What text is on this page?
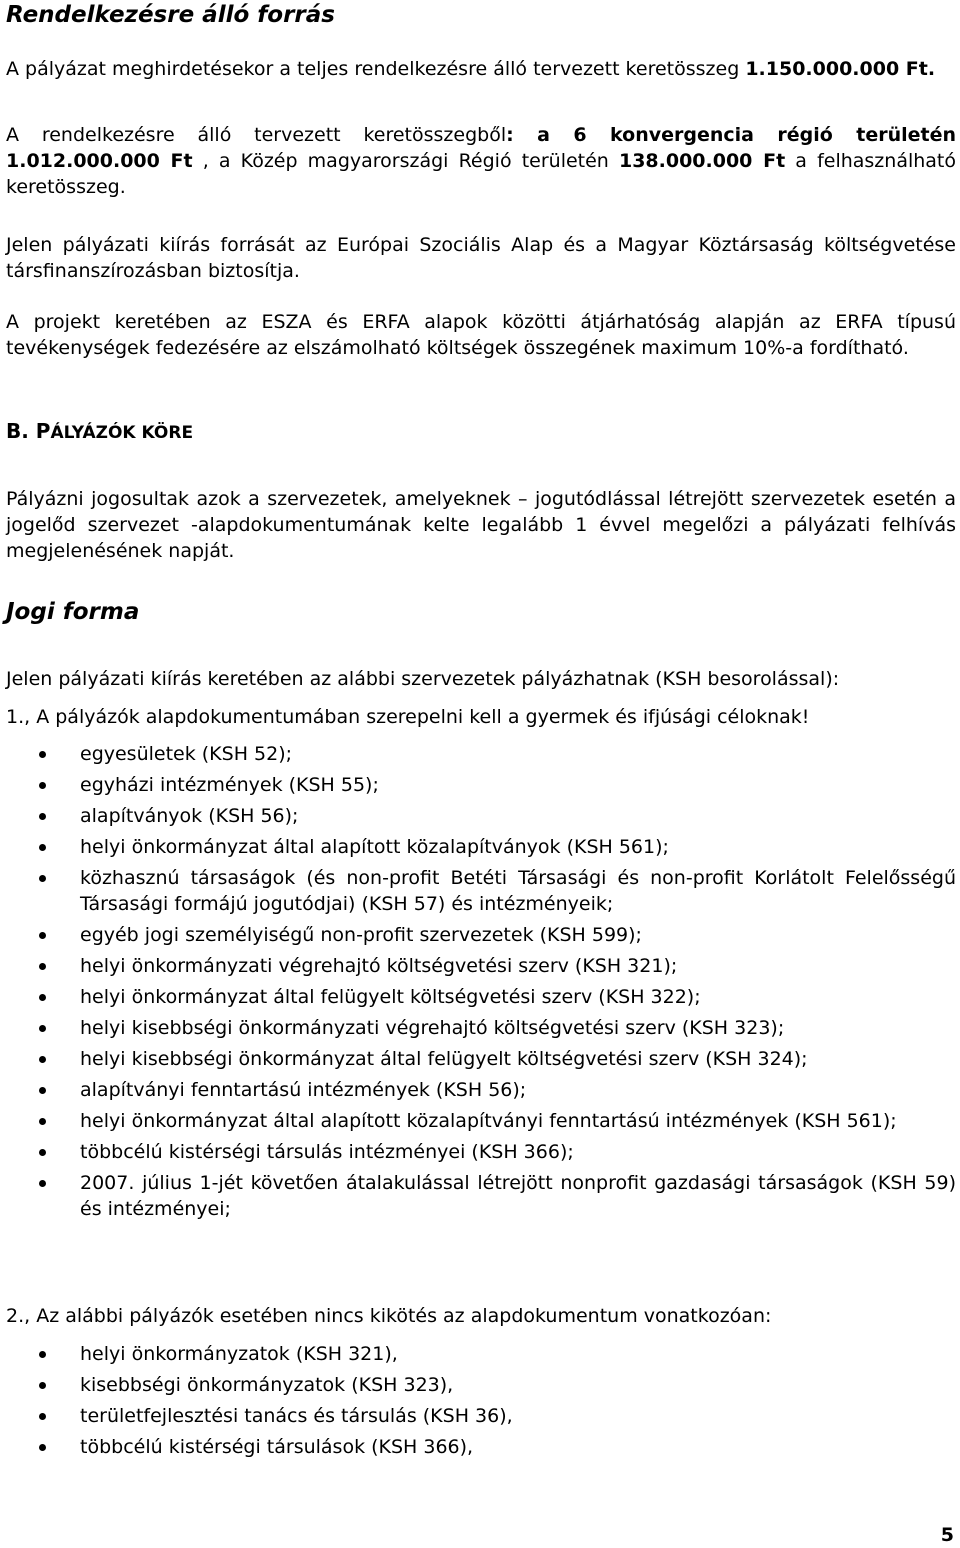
Rendelkezésre álló forrás
A pályázat meghirdetésekor a teljes rendelkezésre álló tervezett keretösszeg 1.150.000.000 Ft.
A rendelkezésre álló tervezett keretösszegből: a 6 konvergencia régió területén 1.012.000.000 Ft , a Közép magyarországi Régió területén 138.000.000 Ft a felhasználható keretösszeg.
Jelen pályázati kiírás forrását az Európai Szociális Alap és a Magyar Köztársaság költségvetése társfinanszírozásban biztosítja.
A projekt keretében az ESZA és ERFA alapok közötti átjárhatóság alapján az ERFA típusú tevékenységek fedezésére az elszámolható költségek összegének maximum 10%-a fordítható.
B. PÁLYÁZÓK KÖRE
Pályázni jogosultak azok a szervezetek, amelyeknek – jogutódlással létrejött szervezetek esetén a jogelőd szervezet -alapdokumentumának kelte legalább 1 évvel megelőzi a pályázati felhívás megjelenésének napját.
Jogi forma
Jelen pályázati kiírás keretében az alábbi szervezetek pályázhatnak (KSH besorolással):
1., A pályázók alapdokumentumában szerepelni kell a gyermek és ifjúsági céloknak!
egyesületek (KSH 52);
egyházi intézmények (KSH 55);
alapítványok (KSH 56);
helyi önkormányzat által alapított közalapítványok (KSH 561);
közhasznú társaságok (és non-profit Betéti Társasági és non-profit Korlátolt Felelősségű Társasági formájú jogutódjai) (KSH 57) és intézményeik;
egyéb jogi személyiségű non-profit szervezetek (KSH 599);
helyi önkormányzati végrehajtó költségvetési szerv (KSH 321);
helyi önkormányzat által felügyelt költségvetési szerv (KSH 322);
helyi kisebbségi önkormányzati végrehajtó költségvetési szerv (KSH 323);
helyi kisebbségi önkormányzat által felügyelt költségvetési szerv (KSH 324);
alapítványi fenntartású intézmények (KSH 56);
helyi önkormányzat által alapított közalapítványi fenntartású intézmények (KSH 561);
többcélú kistérségi társulás intézményei (KSH 366);
2007. július 1-jét követően átalakulással létrejött nonprofit gazdasági társaságok (KSH 59) és intézményei;
2., Az alábbi pályázók esetében nincs kikötés az alapdokumentum vonatkozóan:
helyi önkormányzatok (KSH 321),
kisebbségi önkormányzatok (KSH 323),
területfejlesztési tanács és társulás (KSH 36),
többcélú kistérségi társulások (KSH 366),
5
